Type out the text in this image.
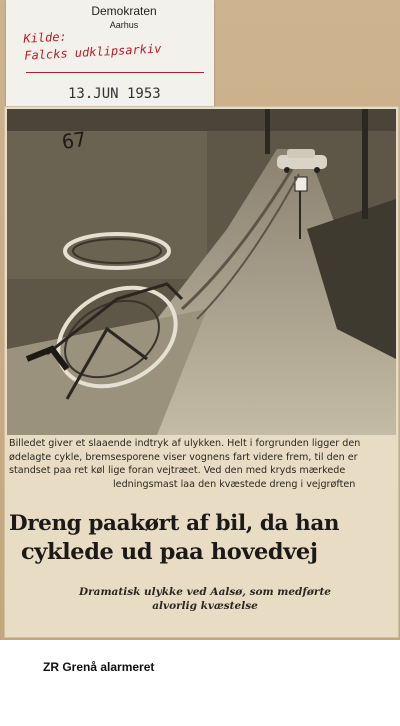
Demokraten
Aarhus
Kilde:
Falcks udklipsarkiv
13.JUN 1953
67
Billedet giver et slaaende indtryk af ulykken. Helt i forgrunden ligger den
ødelagte cykle, bremsesporene viser vognens fart videre frem, til den er
standset paa ret køl lige foran vejtræet. Ved den med kryds mærkede
ledningsmast laa den kvæstede dreng i vejgrøften
Dreng paakørt af bil, da han
cyklede ud paa hovedvej
Dramatisk ulykke ved Aalsø, som medførte
alvorlig kvæstelse
ZR Grenå alarmeret
